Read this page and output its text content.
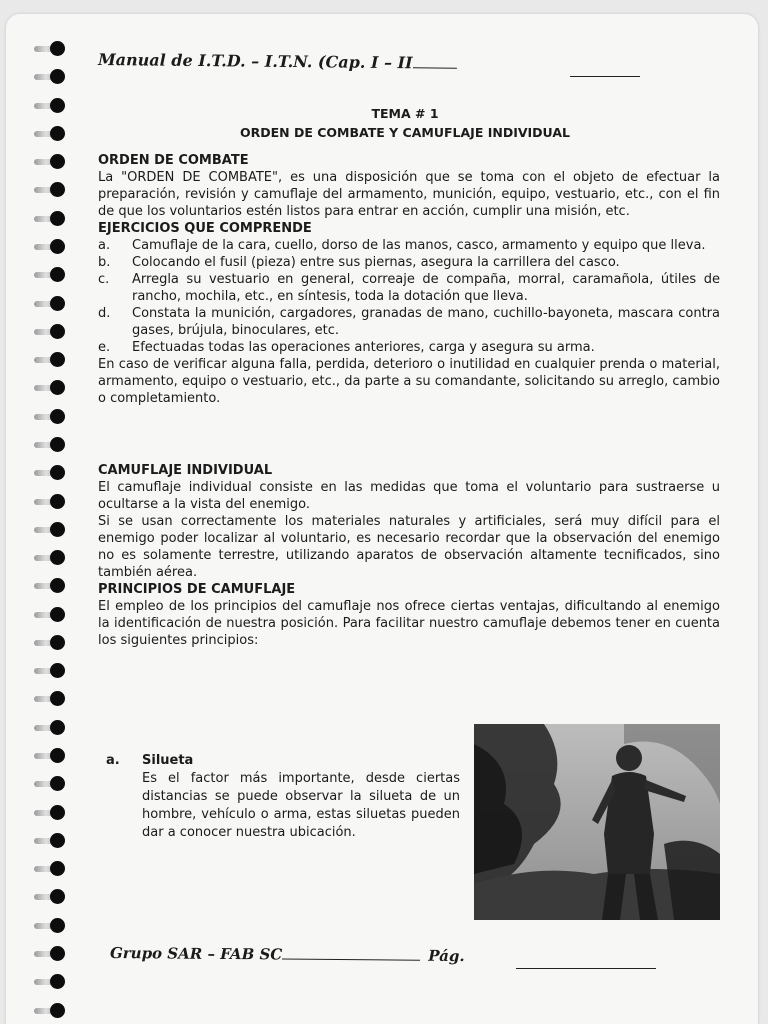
Manual de I.T.D. – I.T.N. (Cap. I – II
TEMA # 1
ORDEN DE COMBATE Y CAMUFLAJE INDIVIDUAL
ORDEN DE COMBATE

La "ORDEN DE COMBATE", es una disposición que se toma con el objeto de efectuar la preparación, revisión y camuflaje del armamento, munición, equipo, vestuario, etc., con el fin de que los voluntarios estén listos para entrar en acción, cumplir una misión, etc.

EJERCICIOS QUE COMPRENDE
a. Camuflaje de la cara, cuello, dorso de las manos, casco, armamento y equipo que lleva.
b. Colocando el fusil (pieza) entre sus piernas, asegura la carrillera del casco.
c. Arregla su vestuario en general, correaje de compaña, morral, caramañola, útiles de rancho, mochila, etc., en síntesis, toda la dotación que lleva.
d. Constata la munición, cargadores, granadas de mano, cuchillo-bayoneta, mascara contra gases, brújula, binoculares, etc.
e. Efectuadas todas las operaciones anteriores, carga y asegura su arma.

En caso de verificar alguna falla, perdida, deterioro o inutilidad en cualquier prenda o material, armamento, equipo o vestuario, etc., da parte a su comandante, solicitando su arreglo, cambio o completamiento.

CAMUFLAJE INDIVIDUAL

El camuflaje individual consiste en las medidas que toma el voluntario para sustraerse u ocultarse a la vista del enemigo.

Si se usan correctamente los materiales naturales y artificiales, será muy difícil para el enemigo poder localizar al voluntario, es necesario recordar que la observación del enemigo no es solamente terrestre, utilizando aparatos de observación altamente tecnificados, sino también aérea.

PRINCIPIOS DE CAMUFLAJE

El empleo de los principios del camuflaje nos ofrece ciertas ventajas, dificultando al enemigo la identificación de nuestra posición. Para facilitar nuestro camuflaje debemos tener en cuenta los siguientes principios:

a. Silueta
Es el factor más importante, desde ciertas distancias se puede observar la silueta de un hombre, vehículo o arma, estas siluetas pueden dar a conocer nuestra ubicación.
Grupo SAR – FAB SC	Pág.
